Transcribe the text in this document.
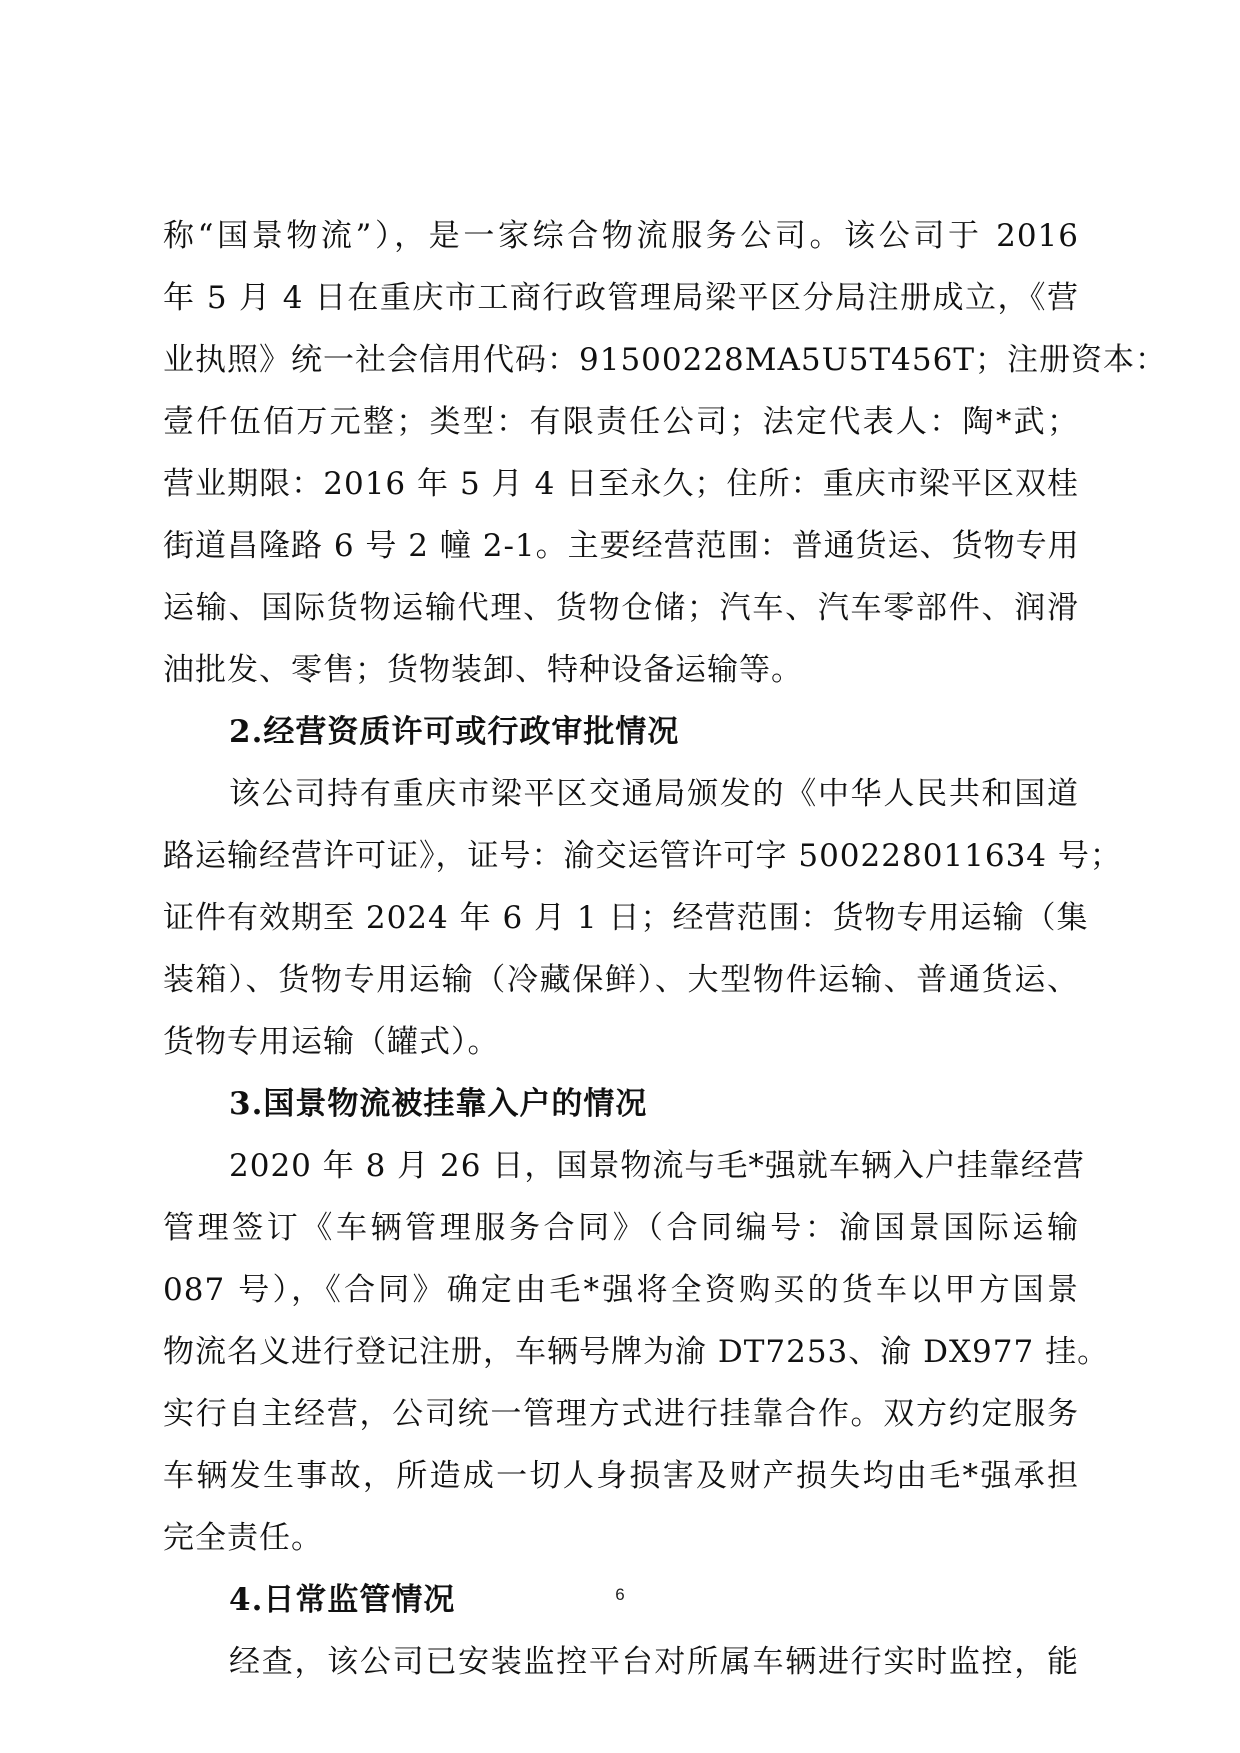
称“国景物流”），是一家综合物流服务公司。该公司于 2016
年 5 月 4 日在重庆市工商行政管理局梁平区分局注册成立，《营
业执照》统一社会信用代码：91500228MA5U5T456T；注册资本：
壹仟伍佰万元整；类型：有限责任公司；法定代表人：陶*武；
营业期限：2016 年 5 月 4 日至永久；住所：重庆市梁平区双桂
街道昌隆路 6 号 2 幢 2-1。主要经营范围：普通货运、货物专用
运输、国际货物运输代理、货物仓储；汽车、汽车零部件、润滑
油批发、零售；货物装卸、特种设备运输等。
2.经营资质许可或行政审批情况
该公司持有重庆市梁平区交通局颁发的《中华人民共和国道
路运输经营许可证》，证号：渝交运管许可字 500228011634 号；
证件有效期至 2024 年 6 月 1 日；经营范围：货物专用运输（集
装箱）、货物专用运输（冷藏保鲜）、大型物件运输、普通货运、
货物专用运输（罐式）。
3.国景物流被挂靠入户的情况
2020 年 8 月 26 日，国景物流与毛*强就车辆入户挂靠经营
管理签订《车辆管理服务合同》（合同编号：渝国景国际运输
087 号），《合同》确定由毛*强将全资购买的货车以甲方国景
物流名义进行登记注册，车辆号牌为渝 DT7253、渝 DX977 挂。
实行自主经营，公司统一管理方式进行挂靠合作。双方约定服务
车辆发生事故，所造成一切人身损害及财产损失均由毛*强承担
完全责任。
4.日常监管情况
经查，该公司已安装监控平台对所属车辆进行实时监控，能
6
